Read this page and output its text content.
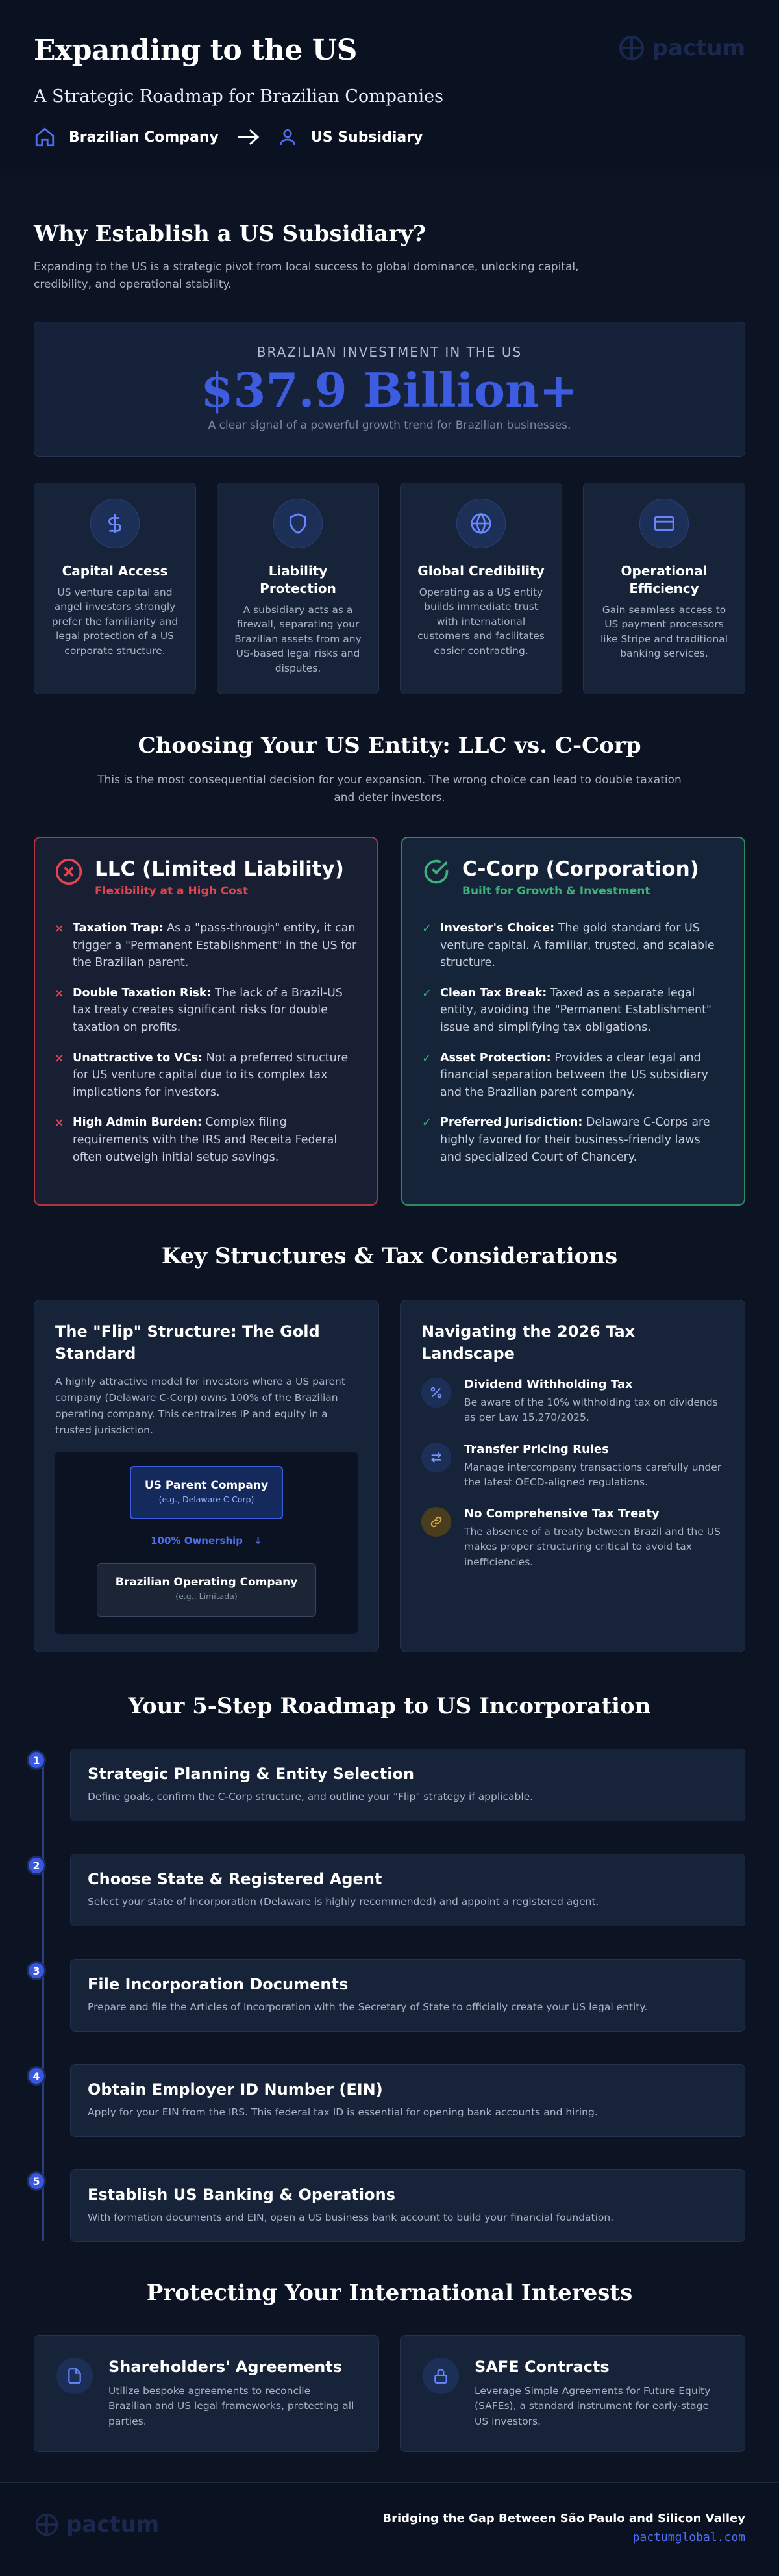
Expanding to the US
A Strategic Roadmap for Brazilian Companies
Brazilian Company	US Subsidiary
pactum
Why Establish a US Subsidiary?
Expanding to the US is a strategic pivot from local success to global dominance, unlocking capital, credibility, and operational stability.
BRAZILIAN INVESTMENT IN THE US
$37.9 Billion+
A clear signal of a powerful growth trend for Brazilian businesses.
Capital Access

US venture capital and angel investors strongly prefer the familiarity and legal protection of a US corporate structure.

Liability Protection

A subsidiary acts as a firewall, separating your Brazilian assets from any US-based legal risks and disputes.

Global Credibility

Operating as a US entity builds immediate trust with international customers and facilitates easier contracting.

Operational Efficiency

Gain seamless access to US payment processors like Stripe and traditional banking services.

Choosing Your US Entity: LLC vs. C-Corp
This is the most consequential decision for your expansion. The wrong choice can lead to double taxation and deter investors.
LLC (Limited Liability)
Flexibility at a High Cost
× Taxation Trap: As a "pass-through" entity, it can trigger a "Permanent Establishment" in the US for the Brazilian parent.
× Double Taxation Risk: The lack of a Brazil-US tax treaty creates significant risks for double taxation on profits.
× Unattractive to VCs: Not a preferred structure for US venture capital due to its complex tax implications for investors.
× High Admin Burden: Complex filing requirements with the IRS and Receita Federal often outweigh initial setup savings.
C-Corp (Corporation)
Built for Growth & Investment
✓ Investor's Choice: The gold standard for US venture capital. A familiar, trusted, and scalable structure.
✓ Clean Tax Break: Taxed as a separate legal entity, avoiding the "Permanent Establishment" issue and simplifying tax obligations.
✓ Asset Protection: Provides a clear legal and financial separation between the US subsidiary and the Brazilian parent company.
✓ Preferred Jurisdiction: Delaware C-Corps are highly favored for their business-friendly laws and specialized Court of Chancery.
Key Structures & Tax Considerations
The "Flip" Structure: The Gold Standard

A highly attractive model for investors where a US parent company (Delaware C-Corp) owns 100% of the Brazilian operating company. This centralizes IP and equity in a trusted jurisdiction.

US Parent Company
(e.g., Delaware C-Corp)
100% Ownership ↓
Brazilian Operating Company
(e.g., Limitada)
Navigating the 2026 Tax Landscape
Dividend Withholding Tax

Be aware of the 10% withholding tax on dividends as per Law 15,270/2025.

Transfer Pricing Rules

Manage intercompany transactions carefully under the latest OECD-aligned regulations.

No Comprehensive Tax Treaty

The absence of a treaty between Brazil and the US makes proper structuring critical to avoid tax inefficiencies.

Your 5-Step Roadmap to US Incorporation
1
Strategic Planning & Entity Selection

Define goals, confirm the C-Corp structure, and outline your "Flip" strategy if applicable.

2
Choose State & Registered Agent

Select your state of incorporation (Delaware is highly recommended) and appoint a registered agent.

3
File Incorporation Documents

Prepare and file the Articles of Incorporation with the Secretary of State to officially create your US legal entity.

4
Obtain Employer ID Number (EIN)

Apply for your EIN from the IRS. This federal tax ID is essential for opening bank accounts and hiring.

5
Establish US Banking & Operations

With formation documents and EIN, open a US business bank account to build your financial foundation.

Protecting Your International Interests
Shareholders' Agreements

Utilize bespoke agreements to reconcile Brazilian and US legal frameworks, protecting all parties.

SAFE Contracts

Leverage Simple Agreements for Future Equity (SAFEs), a standard instrument for early-stage US investors.

pactum	Bridging the Gap Between São Paulo and Silicon Valley
pactumglobal.com
